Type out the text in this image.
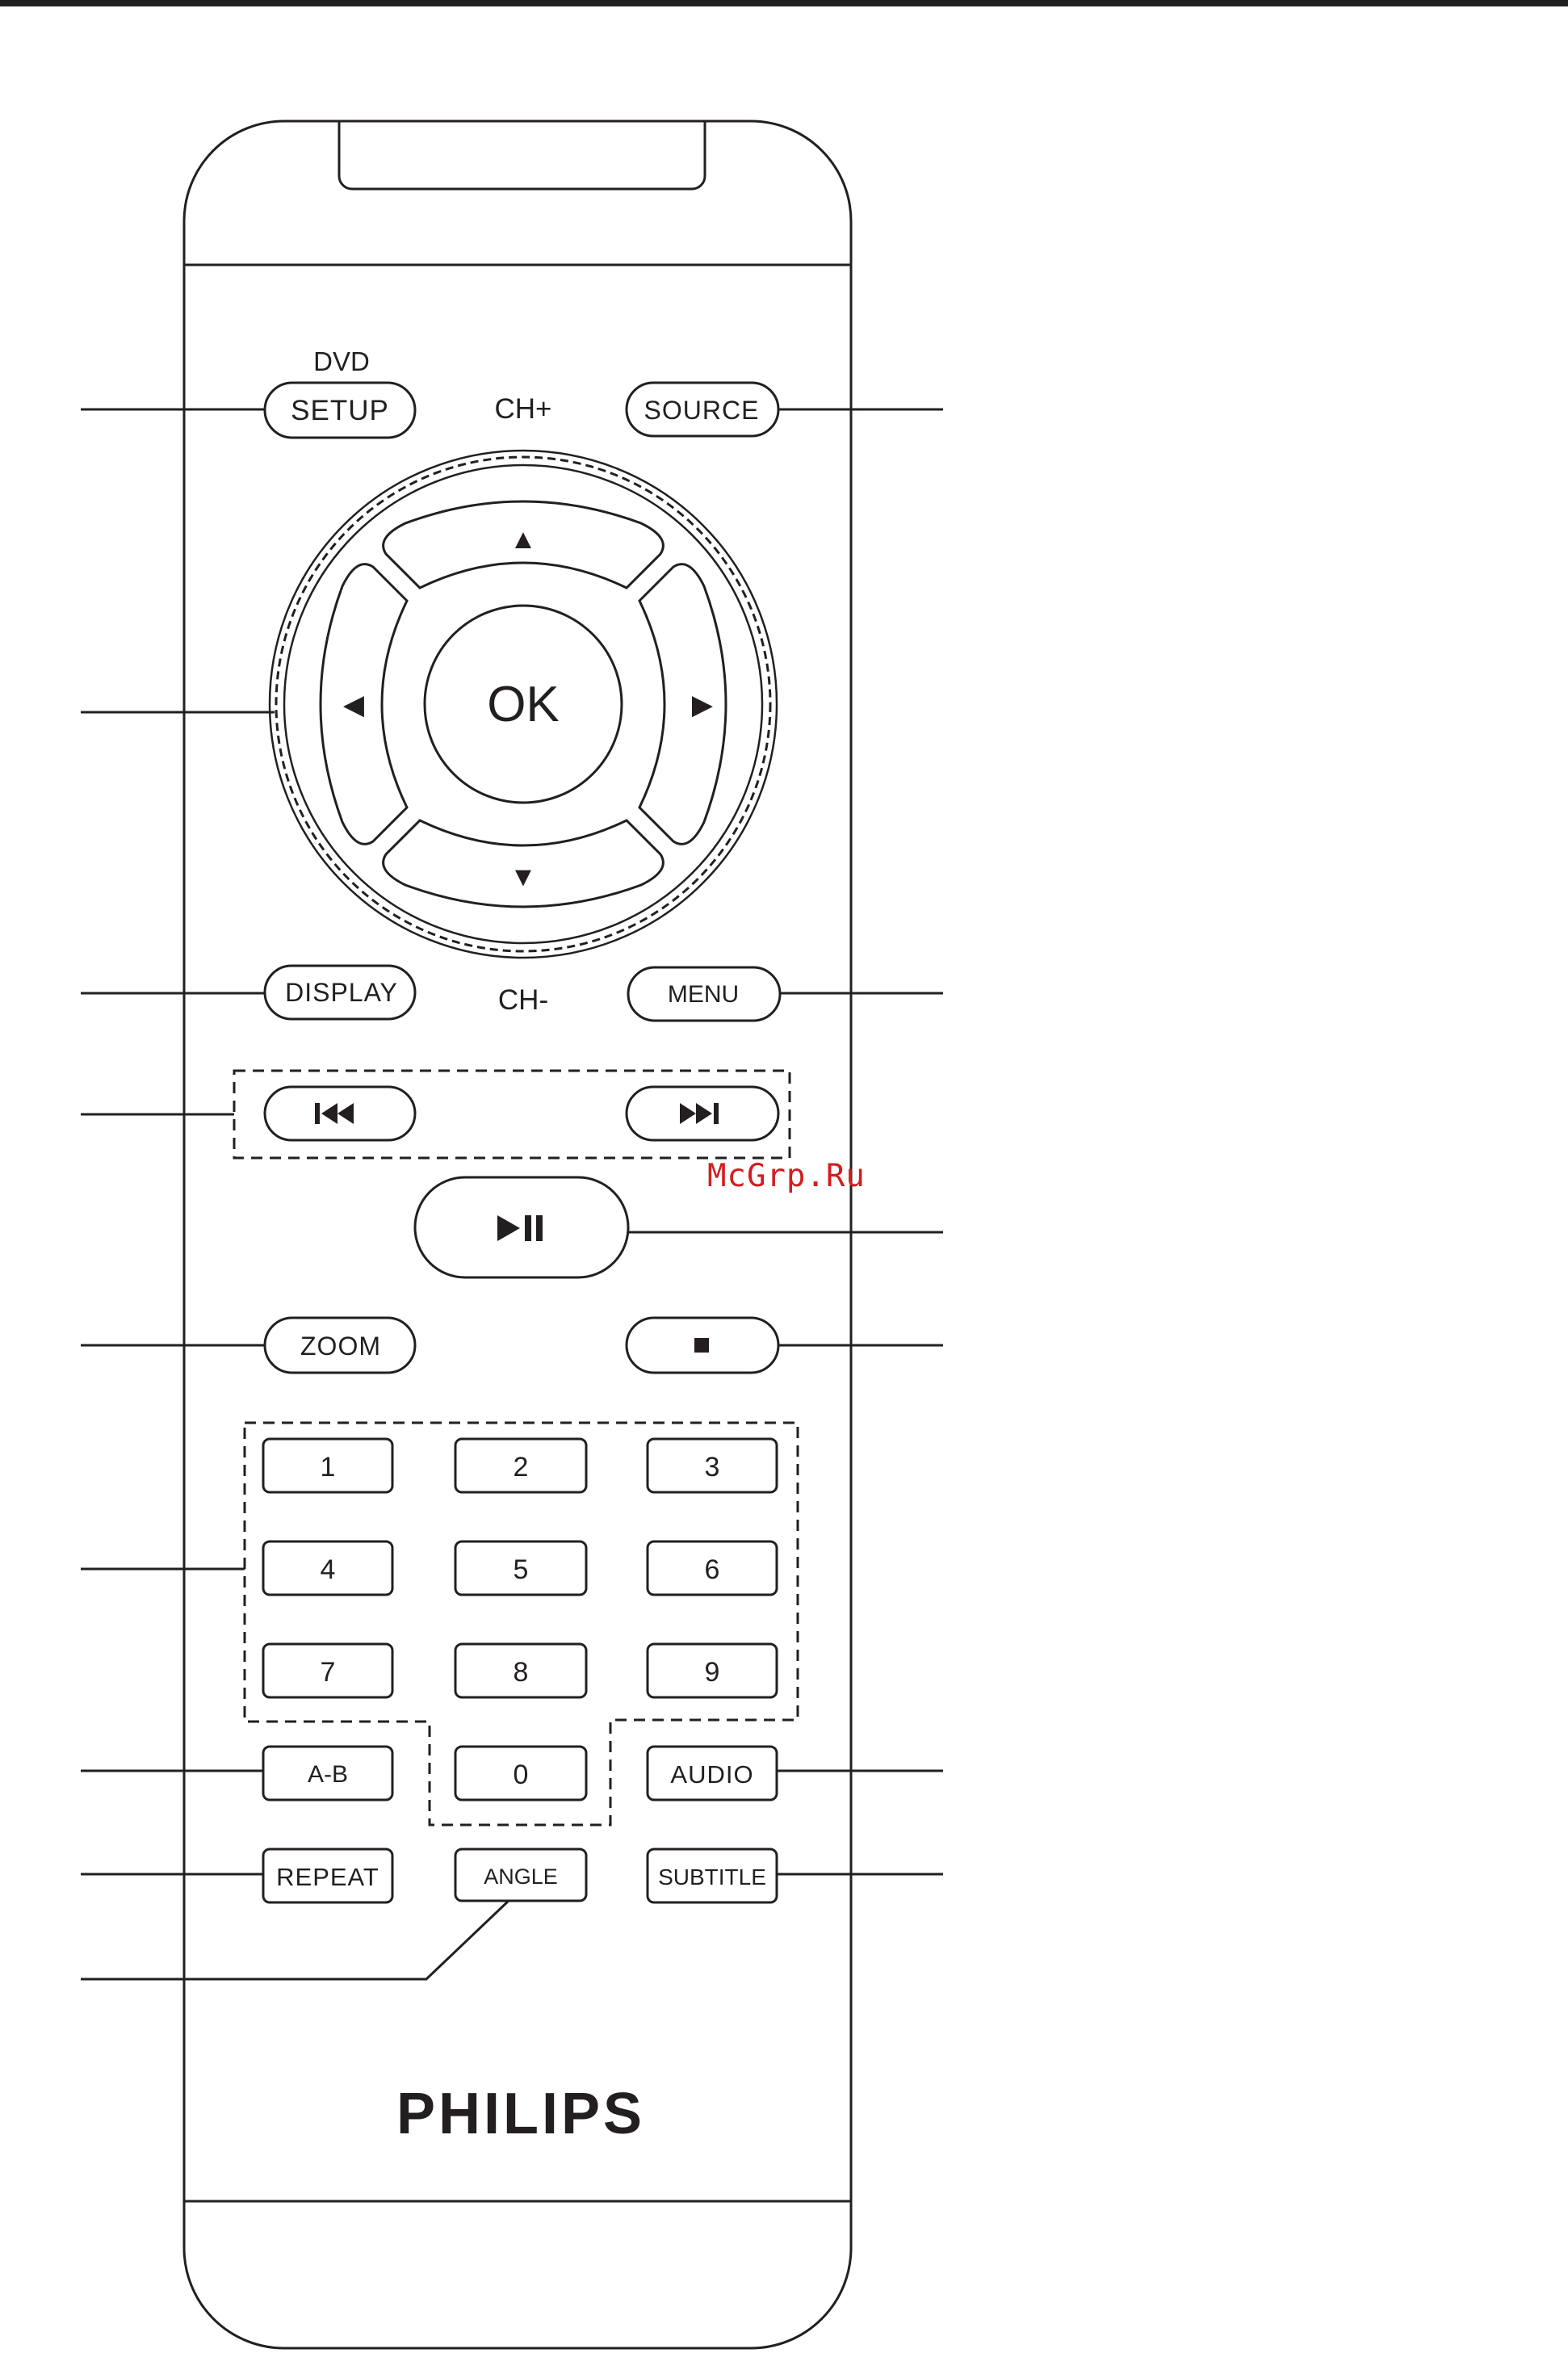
DVD
SETUP	CH+	SOURCE
▲
▼
◀	▶
OK
DISPLAY	CH-	MENU
ZOOM
1	2	3
4	5	6
7	8	9
0
A-B	AUDIO
REPEAT	ANGLE	SUBTITLE
PHILIPS
McGrp.Ru
